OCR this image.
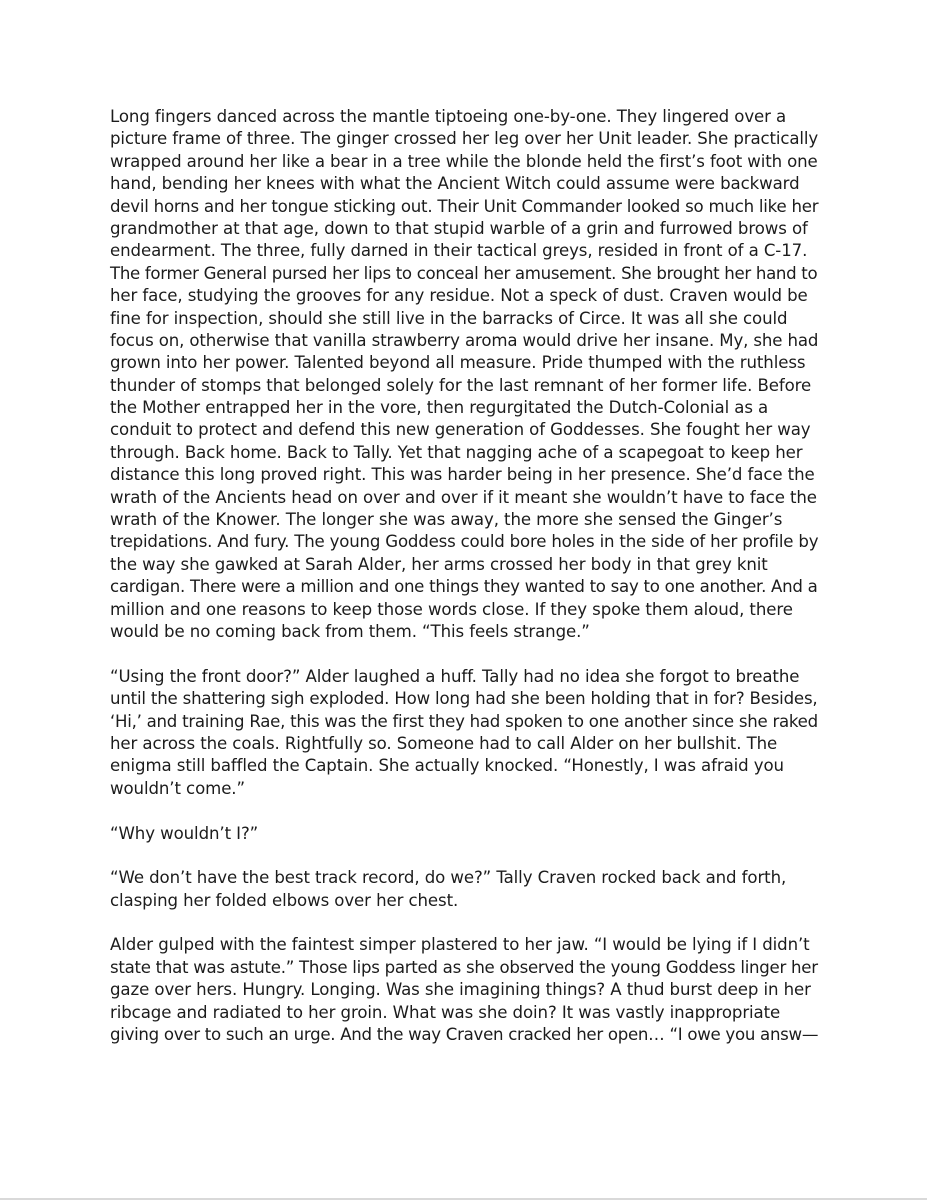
Long fingers danced across the mantle tiptoeing one-by-one. They lingered over a
picture frame of three. The ginger crossed her leg over her Unit leader. She practically
wrapped around her like a bear in a tree while the blonde held the first’s foot with one
hand, bending her knees with what the Ancient Witch could assume were backward
devil horns and her tongue sticking out. Their Unit Commander looked so much like her
grandmother at that age, down to that stupid warble of a grin and furrowed brows of
endearment. The three, fully darned in their tactical greys, resided in front of a C-17.
The former General pursed her lips to conceal her amusement. She brought her hand to
her face, studying the grooves for any residue. Not a speck of dust. Craven would be
fine for inspection, should she still live in the barracks of Circe. It was all she could
focus on, otherwise that vanilla strawberry aroma would drive her insane. My, she had
grown into her power. Talented beyond all measure. Pride thumped with the ruthless
thunder of stomps that belonged solely for the last remnant of her former life. Before
the Mother entrapped her in the vore, then regurgitated the Dutch-Colonial as a
conduit to protect and defend this new generation of Goddesses. She fought her way
through. Back home. Back to Tally. Yet that nagging ache of a scapegoat to keep her
distance this long proved right. This was harder being in her presence. She’d face the
wrath of the Ancients head on over and over if it meant she wouldn’t have to face the
wrath of the Knower. The longer she was away, the more she sensed the Ginger’s
trepidations. And fury. The young Goddess could bore holes in the side of her profile by
the way she gawked at Sarah Alder, her arms crossed her body in that grey knit
cardigan. There were a million and one things they wanted to say to one another. And a
million and one reasons to keep those words close. If they spoke them aloud, there
would be no coming back from them. “This feels strange.”

“Using the front door?” Alder laughed a huff. Tally had no idea she forgot to breathe
until the shattering sigh exploded. How long had she been holding that in for? Besides,
‘Hi,’ and training Rae, this was the first they had spoken to one another since she raked
her across the coals. Rightfully so. Someone had to call Alder on her bullshit. The
enigma still baffled the Captain. She actually knocked. “Honestly, I was afraid you
wouldn’t come.”

“Why wouldn’t I?”

“We don’t have the best track record, do we?” Tally Craven rocked back and forth,
clasping her folded elbows over her chest.

Alder gulped with the faintest simper plastered to her jaw. “I would be lying if I didn’t
state that was astute.” Those lips parted as she observed the young Goddess linger her
gaze over hers. Hungry. Longing. Was she imagining things? A thud burst deep in her
ribcage and radiated to her groin. What was she doin? It was vastly inappropriate
giving over to such an urge. And the way Craven cracked her open… “I owe you answ—
